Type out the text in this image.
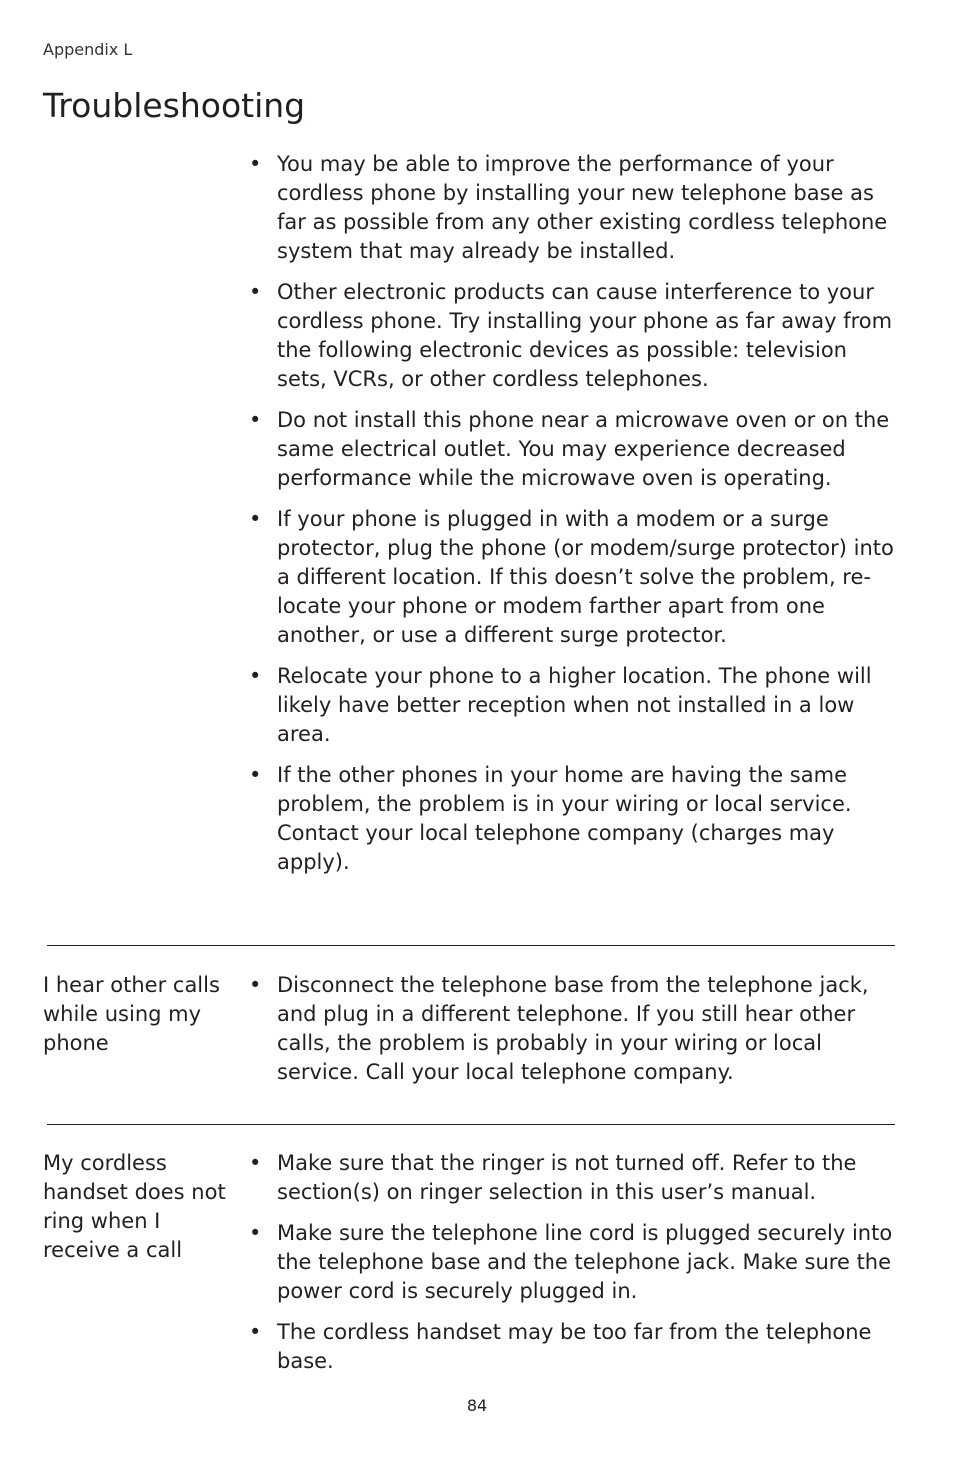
Appendix L
Troubleshooting
• You may be able to improve the performance of your cordless phone by installing your new telephone base as far as possible from any other existing cordless telephone system that may already be installed.
• Other electronic products can cause interference to your cordless phone. Try installing your phone as far away from the following electronic devices as possible: television sets, VCRs, or other cordless telephones.
• Do not install this phone near a microwave oven or on the same electrical outlet. You may experience decreased performance while the microwave oven is operating.
• If your phone is plugged in with a modem or a surge protector, plug the phone (or modem/surge protector) into a different location. If this doesn’t solve the problem, re-locate your phone or modem farther apart from one another, or use a different surge protector.
• Relocate your phone to a higher location. The phone will likely have better reception when not installed in a low area.
• If the other phones in your home are having the same problem, the problem is in your wiring or local service. Contact your local telephone company (charges may apply).
I hear other calls while using my phone
• Disconnect the telephone base from the telephone jack, and plug in a different telephone. If you still hear other calls, the problem is probably in your wiring or local service. Call your local telephone company.
My cordless handset does not ring when I receive a call
• Make sure that the ringer is not turned off. Refer to the section(s) on ringer selection in this user’s manual.
• Make sure the telephone line cord is plugged securely into the telephone base and the telephone jack. Make sure the power cord is securely plugged in.
• The cordless handset may be too far from the telephone base.
84
